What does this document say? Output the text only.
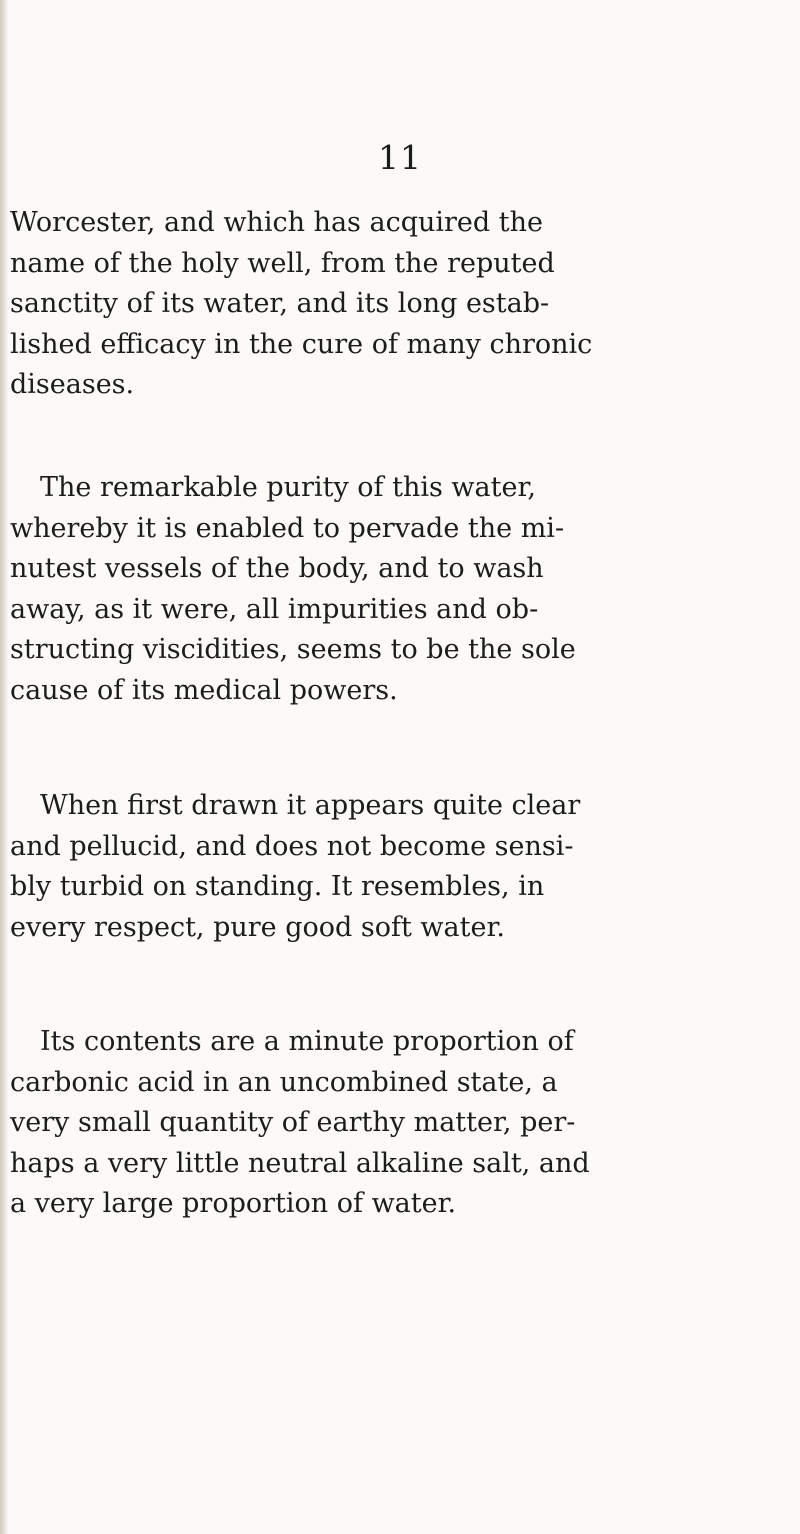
11

Worcester, and which has acquired the
name of the holy well, from the reputed
sanctity of its water, and its long estab-
lished efficacy in the cure of many chronic
diseases.

The remarkable purity of this water,
whereby it is enabled to pervade the mi-
nutest vessels of the body, and to wash
away, as it were, all impurities and ob-
structing viscidities, seems to be the sole
cause of its medical powers.

When first drawn it appears quite clear
and pellucid, and does not become sensi-
bly turbid on standing. It resembles, in
every respect, pure good soft water.

Its contents are a minute proportion of
carbonic acid in an uncombined state, a
very small quantity of earthy matter, per-
haps a very little neutral alkaline salt, and
a very large proportion of water.
